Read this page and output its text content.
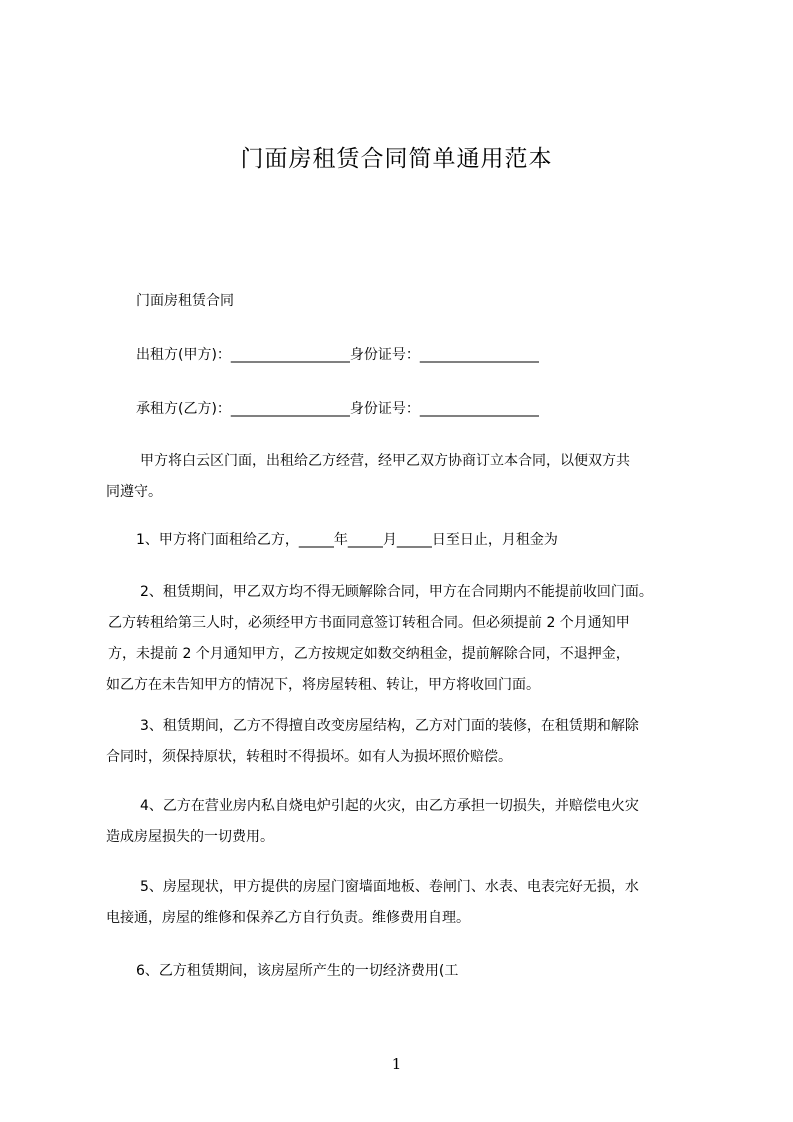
门面房租赁合同简单通用范本
门面房租赁合同
出租方(甲方)：_________________身份证号：_________________
承租方(乙方)：_________________身份证号：_________________

甲方将白云区门面，出租给乙方经营，经甲乙双方协商订立本合同，以便双方共

同遵守。

1、甲方将门面租给乙方，_____年_____月_____日至日止，月租金为

2、租赁期间，甲乙双方均不得无顾解除合同，甲方在合同期内不能提前收回门面。

乙方转租给第三人时，必须经甲方书面同意签订转租合同。但必须提前 2 个月通知甲

方，未提前 2 个月通知甲方，乙方按规定如数交纳租金，提前解除合同，不退押金，

如乙方在未告知甲方的情况下，将房屋转租、转让，甲方将收回门面。

3、租赁期间，乙方不得擅自改变房屋结构，乙方对门面的装修，在租赁期和解除

合同时，须保持原状，转租时不得损坏。如有人为损坏照价赔偿。

4、乙方在营业房内私自烧电炉引起的火灾，由乙方承担一切损失，并赔偿电火灾

造成房屋损失的一切费用。

5、房屋现状，甲方提供的房屋门窗墙面地板、卷闸门、水表、电表完好无损，水

电接通，房屋的维修和保养乙方自行负责。维修费用自理。

6、乙方租赁期间，该房屋所产生的一切经济费用(工
1
